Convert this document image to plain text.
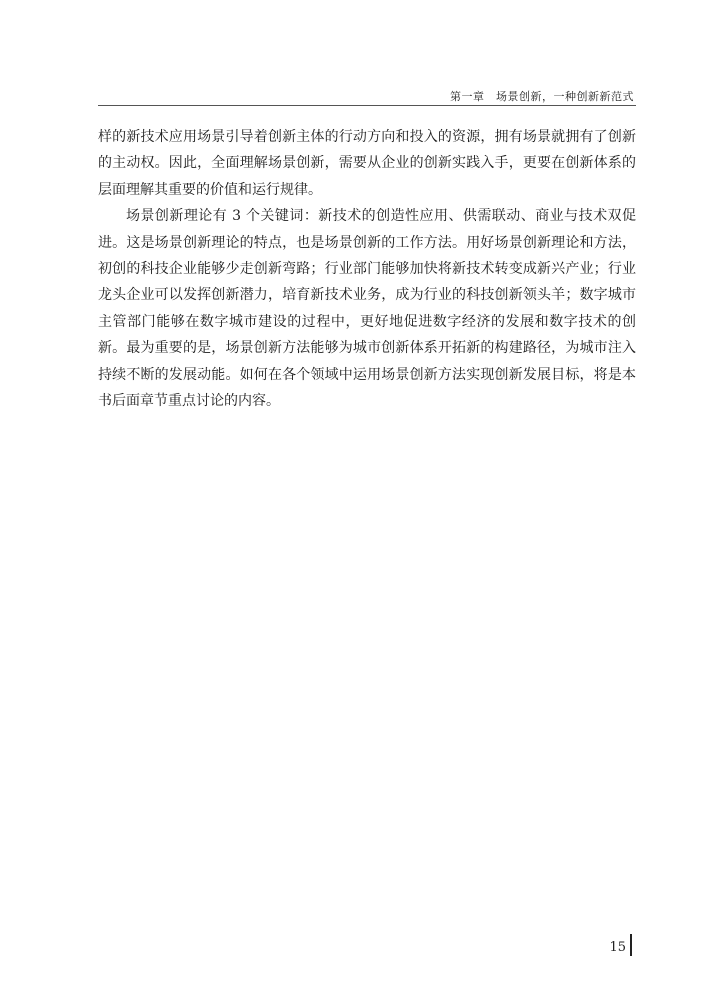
第一章　场景创新，一种创新新范式

样的新技术应用场景引导着创新主体的行动方向和投入的资源，拥有场景就拥有了创新的主动权。因此，全面理解场景创新，需要从企业的创新实践入手，更要在创新体系的层面理解其重要的价值和运行规律。

场景创新理论有 3 个关键词：新技术的创造性应用、供需联动、商业与技术双促进。这是场景创新理论的特点，也是场景创新的工作方法。用好场景创新理论和方法，初创的科技企业能够少走创新弯路；行业部门能够加快将新技术转变成新兴产业；行业龙头企业可以发挥创新潜力，培育新技术业务，成为行业的科技创新领头羊；数字城市主管部门能够在数字城市建设的过程中，更好地促进数字经济的发展和数字技术的创新。最为重要的是，场景创新方法能够为城市创新体系开拓新的构建路径，为城市注入持续不断的发展动能。如何在各个领域中运用场景创新方法实现创新发展目标，将是本书后面章节重点讨论的内容。

15
